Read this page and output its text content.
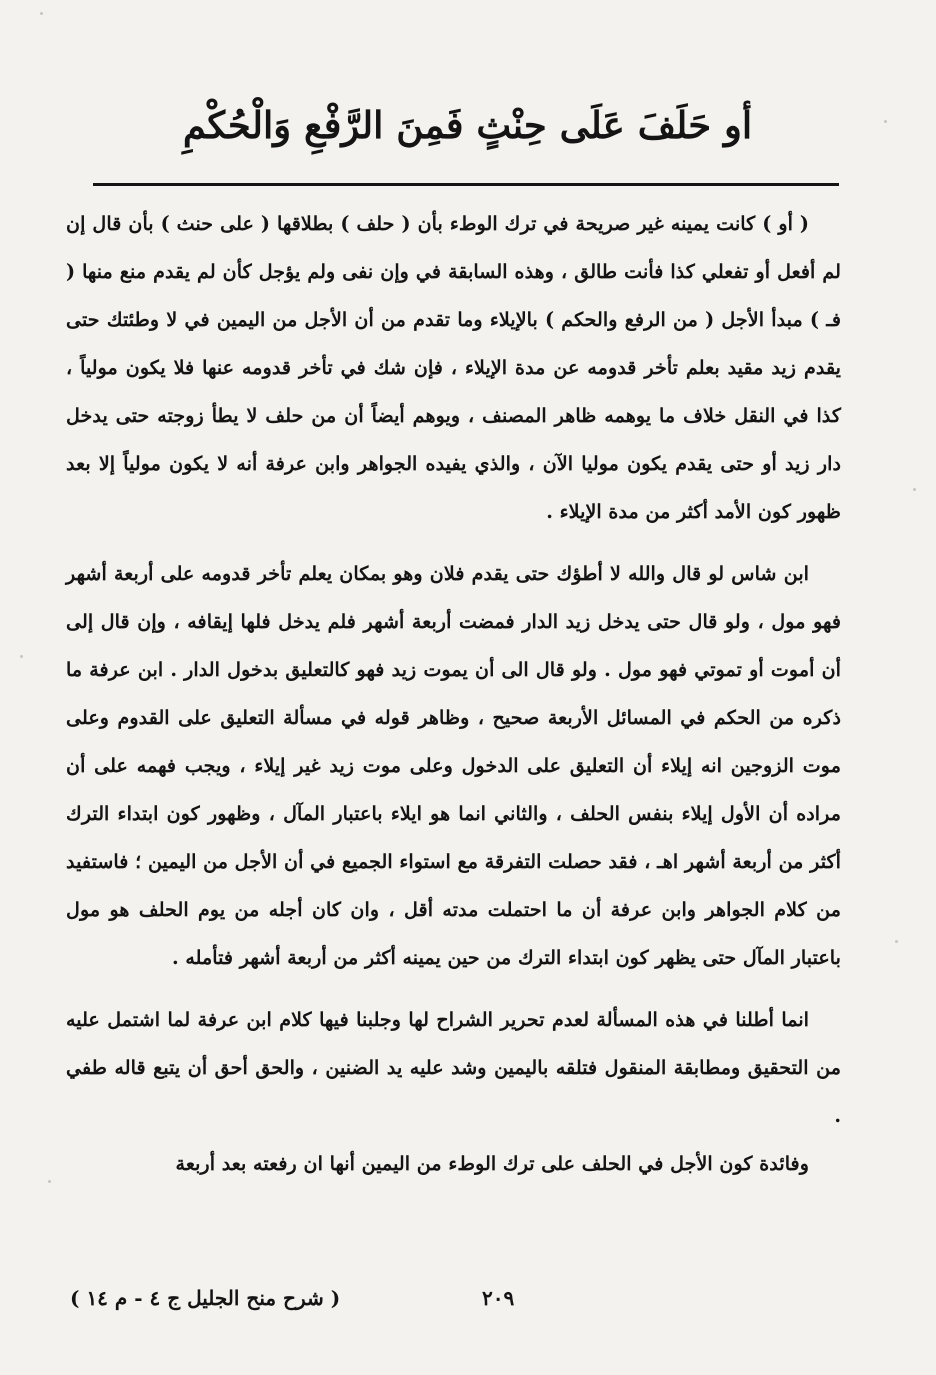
أو حَلَفَ عَلَى حِنْثٍ فَمِنَ الرَّفْعِ وَالْحُكْمِ

( أو ) كانت يمينه غير صريحة في ترك الوطء بأن ( حلف ) بطلاقها ( على حنث ) بأن قال إن لم أفعل أو تفعلي كذا فأنت طالق ، وهذه السابقة في وإن نفى ولم يؤجل كأن لم يقدم منع منها ( فـ ) مبدأ الأجل ( من الرفع والحكم ) بالإيلاء وما تقدم من أن الأجل من اليمين في لا وطئتك حتى يقدم زيد مقيد بعلم تأخر قدومه عن مدة الإيلاء ، فإن شك في تأخر قدومه عنها فلا يكون مولياً ، كذا في النقل خلاف ما يوهمه ظاهر المصنف ، ويوهم أيضاً أن من حلف لا يطأ زوجته حتى يدخل دار زيد أو حتى يقدم يكون موليا الآن ، والذي يفيده الجواهر وابن عرفة أنه لا يكون مولياً إلا بعد ظهور كون الأمد أكثر من مدة الإيلاء .

ابن شاس لو قال والله لا أطؤك حتى يقدم فلان وهو بمكان يعلم تأخر قدومه على أربعة أشهر فهو مول ، ولو قال حتى يدخل زيد الدار فمضت أربعة أشهر فلم يدخل فلها إيقافه ، وإن قال إلى أن أموت أو تموتي فهو مول . ولو قال الى أن يموت زيد فهو كالتعليق بدخول الدار . ابن عرفة ما ذكره من الحكم في المسائل الأربعة صحيح ، وظاهر قوله في مسألة التعليق على القدوم وعلى موت الزوجين انه إيلاء أن التعليق على الدخول وعلى موت زيد غير إيلاء ، ويجب فهمه على أن مراده أن الأول إيلاء بنفس الحلف ، والثاني انما هو ايلاء باعتبار المآل ، وظهور كون ابتداء الترك أكثر من أربعة أشهر اهـ ، فقد حصلت التفرقة مع استواء الجميع في أن الأجل من اليمين ؛ فاستفيد من كلام الجواهر وابن عرفة أن ما احتملت مدته أقل ، وان كان أجله من يوم الحلف هو مول باعتبار المآل حتى يظهر كون ابتداء الترك من حين يمينه أكثر من أربعة أشهر فتأمله .

انما أطلنا في هذه المسألة لعدم تحرير الشراح لها وجلبنا فيها كلام ابن عرفة لما اشتمل عليه من التحقيق ومطابقة المنقول فتلقه باليمين وشد عليه يد الضنين ، والحق أحق أن يتبع قاله طفي .

وفائدة كون الأجل في الحلف على ترك الوطء من اليمين أنها ان رفعته بعد أربعة

٢٠٩
( شرح منح الجليل ج ٤ - م ١٤ )
